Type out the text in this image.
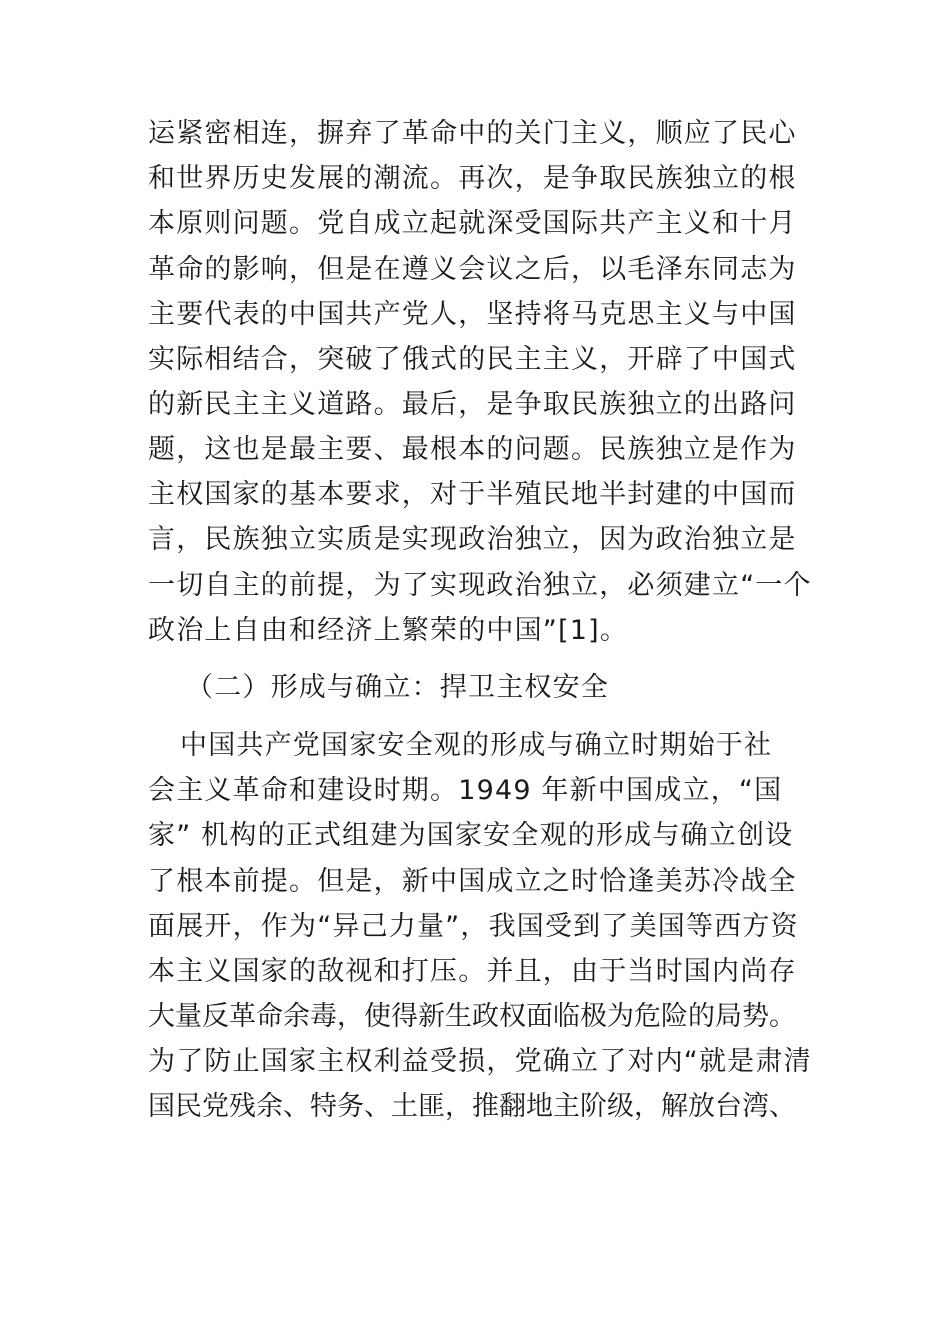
运紧密相连，摒弃了革命中的关门主义，顺应了民心
和世界历史发展的潮流。再次，是争取民族独立的根
本原则问题。党自成立起就深受国际共产主义和十月
革命的影响，但是在遵义会议之后，以毛泽东同志为
主要代表的中国共产党人，坚持将马克思主义与中国
实际相结合，突破了俄式的民主主义，开辟了中国式
的新民主主义道路。最后，是争取民族独立的出路问
题，这也是最主要、最根本的问题。民族独立是作为
主权国家的基本要求，对于半殖民地半封建的中国而
言，民族独立实质是实现政治独立，因为政治独立是
一切自主的前提，为了实现政治独立，必须建立“一个
政治上自由和经济上繁荣的中国”[1]。
（二）形成与确立：捍卫主权安全
中国共产党国家安全观的形成与确立时期始于社
会主义革命和建设时期。1949 年新中国成立，“国
家” 机构的正式组建为国家安全观的形成与确立创设
了根本前提。但是，新中国成立之时恰逢美苏冷战全
面展开，作为“异己力量”，我国受到了美国等西方资
本主义国家的敌视和打压。并且，由于当时国内尚存
大量反革命余毒，使得新生政权面临极为危险的局势。
为了防止国家主权利益受损，党确立了对内“就是肃清
国民党残余、特务、土匪，推翻地主阶级，解放台湾、
